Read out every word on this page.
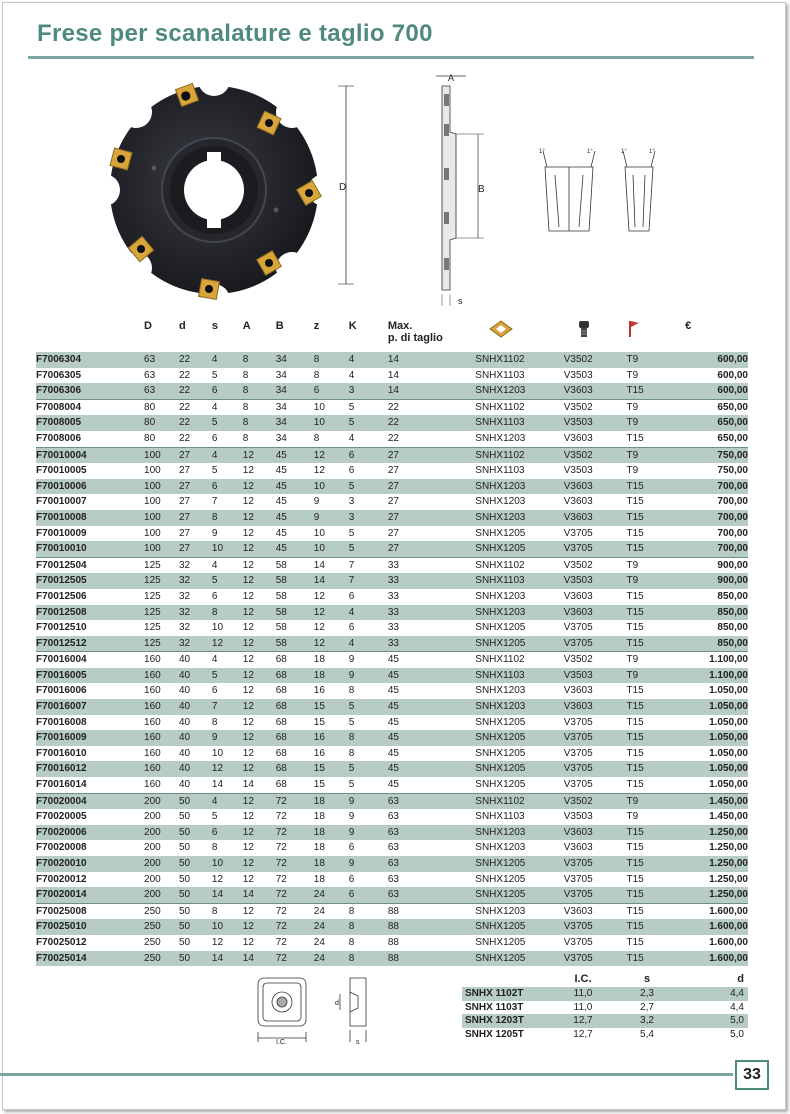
Frese per scanalature e taglio 700
D
A
B
s
1°	1°	1°	1°
	D	d	s	A	B	z	K	Max.
p. di taglio				€
F7006304	63	22	4	8	34	8	4	14	SNHX1102	V3502	T9	600,00
F7006305	63	22	5	8	34	8	4	14	SNHX1103	V3503	T9	600,00
F7006306	63	22	6	8	34	6	3	14	SNHX1203	V3603	T15	600,00
F7008004	80	22	4	8	34	10	5	22	SNHX1102	V3502	T9	650,00
F7008005	80	22	5	8	34	10	5	22	SNHX1103	V3503	T9	650,00
F7008006	80	22	6	8	34	8	4	22	SNHX1203	V3603	T15	650,00
F70010004	100	27	4	12	45	12	6	27	SNHX1102	V3502	T9	750,00
F70010005	100	27	5	12	45	12	6	27	SNHX1103	V3503	T9	750,00
F70010006	100	27	6	12	45	10	5	27	SNHX1203	V3603	T15	700,00
F70010007	100	27	7	12	45	9	3	27	SNHX1203	V3603	T15	700,00
F70010008	100	27	8	12	45	9	3	27	SNHX1203	V3603	T15	700,00
F70010009	100	27	9	12	45	10	5	27	SNHX1205	V3705	T15	700,00
F70010010	100	27	10	12	45	10	5	27	SNHX1205	V3705	T15	700,00
F70012504	125	32	4	12	58	14	7	33	SNHX1102	V3502	T9	900,00
F70012505	125	32	5	12	58	14	7	33	SNHX1103	V3503	T9	900,00
F70012506	125	32	6	12	58	12	6	33	SNHX1203	V3603	T15	850,00
F70012508	125	32	8	12	58	12	4	33	SNHX1203	V3603	T15	850,00
F70012510	125	32	10	12	58	12	6	33	SNHX1205	V3705	T15	850,00
F70012512	125	32	12	12	58	12	4	33	SNHX1205	V3705	T15	850,00
F70016004	160	40	4	12	68	18	9	45	SNHX1102	V3502	T9	1.100,00
F70016005	160	40	5	12	68	18	9	45	SNHX1103	V3503	T9	1.100,00
F70016006	160	40	6	12	68	16	8	45	SNHX1203	V3603	T15	1.050,00
F70016007	160	40	7	12	68	15	5	45	SNHX1203	V3603	T15	1.050,00
F70016008	160	40	8	12	68	15	5	45	SNHX1205	V3705	T15	1.050,00
F70016009	160	40	9	12	68	16	8	45	SNHX1205	V3705	T15	1.050,00
F70016010	160	40	10	12	68	16	8	45	SNHX1205	V3705	T15	1.050,00
F70016012	160	40	12	12	68	15	5	45	SNHX1205	V3705	T15	1.050,00
F70016014	160	40	14	14	68	15	5	45	SNHX1205	V3705	T15	1.050,00
F70020004	200	50	4	12	72	18	9	63	SNHX1102	V3502	T9	1.450,00
F70020005	200	50	5	12	72	18	9	63	SNHX1103	V3503	T9	1.450,00
F70020006	200	50	6	12	72	18	9	63	SNHX1203	V3603	T15	1.250,00
F70020008	200	50	8	12	72	18	6	63	SNHX1203	V3603	T15	1.250,00
F70020010	200	50	10	12	72	18	9	63	SNHX1205	V3705	T15	1.250,00
F70020012	200	50	12	12	72	18	6	63	SNHX1205	V3705	T15	1.250,00
F70020014	200	50	14	14	72	24	6	63	SNHX1205	V3705	T15	1.250,00
F70025008	250	50	8	12	72	24	8	88	SNHX1203	V3603	T15	1.600,00
F70025010	250	50	10	12	72	24	8	88	SNHX1205	V3705	T15	1.600,00
F70025012	250	50	12	12	72	24	8	88	SNHX1205	V3705	T15	1.600,00
F70025014	250	50	14	14	72	24	8	88	SNHX1205	V3705	T15	1.600,00
I.C.
d
s
	I.C.	s	d
SNHX 1102T	11,0	2,3	4,4
SNHX 1103T	11,0	2,7	4,4
SNHX 1203T	12,7	3,2	5,0
SNHX 1205T	12,7	5,4	5,0
33
